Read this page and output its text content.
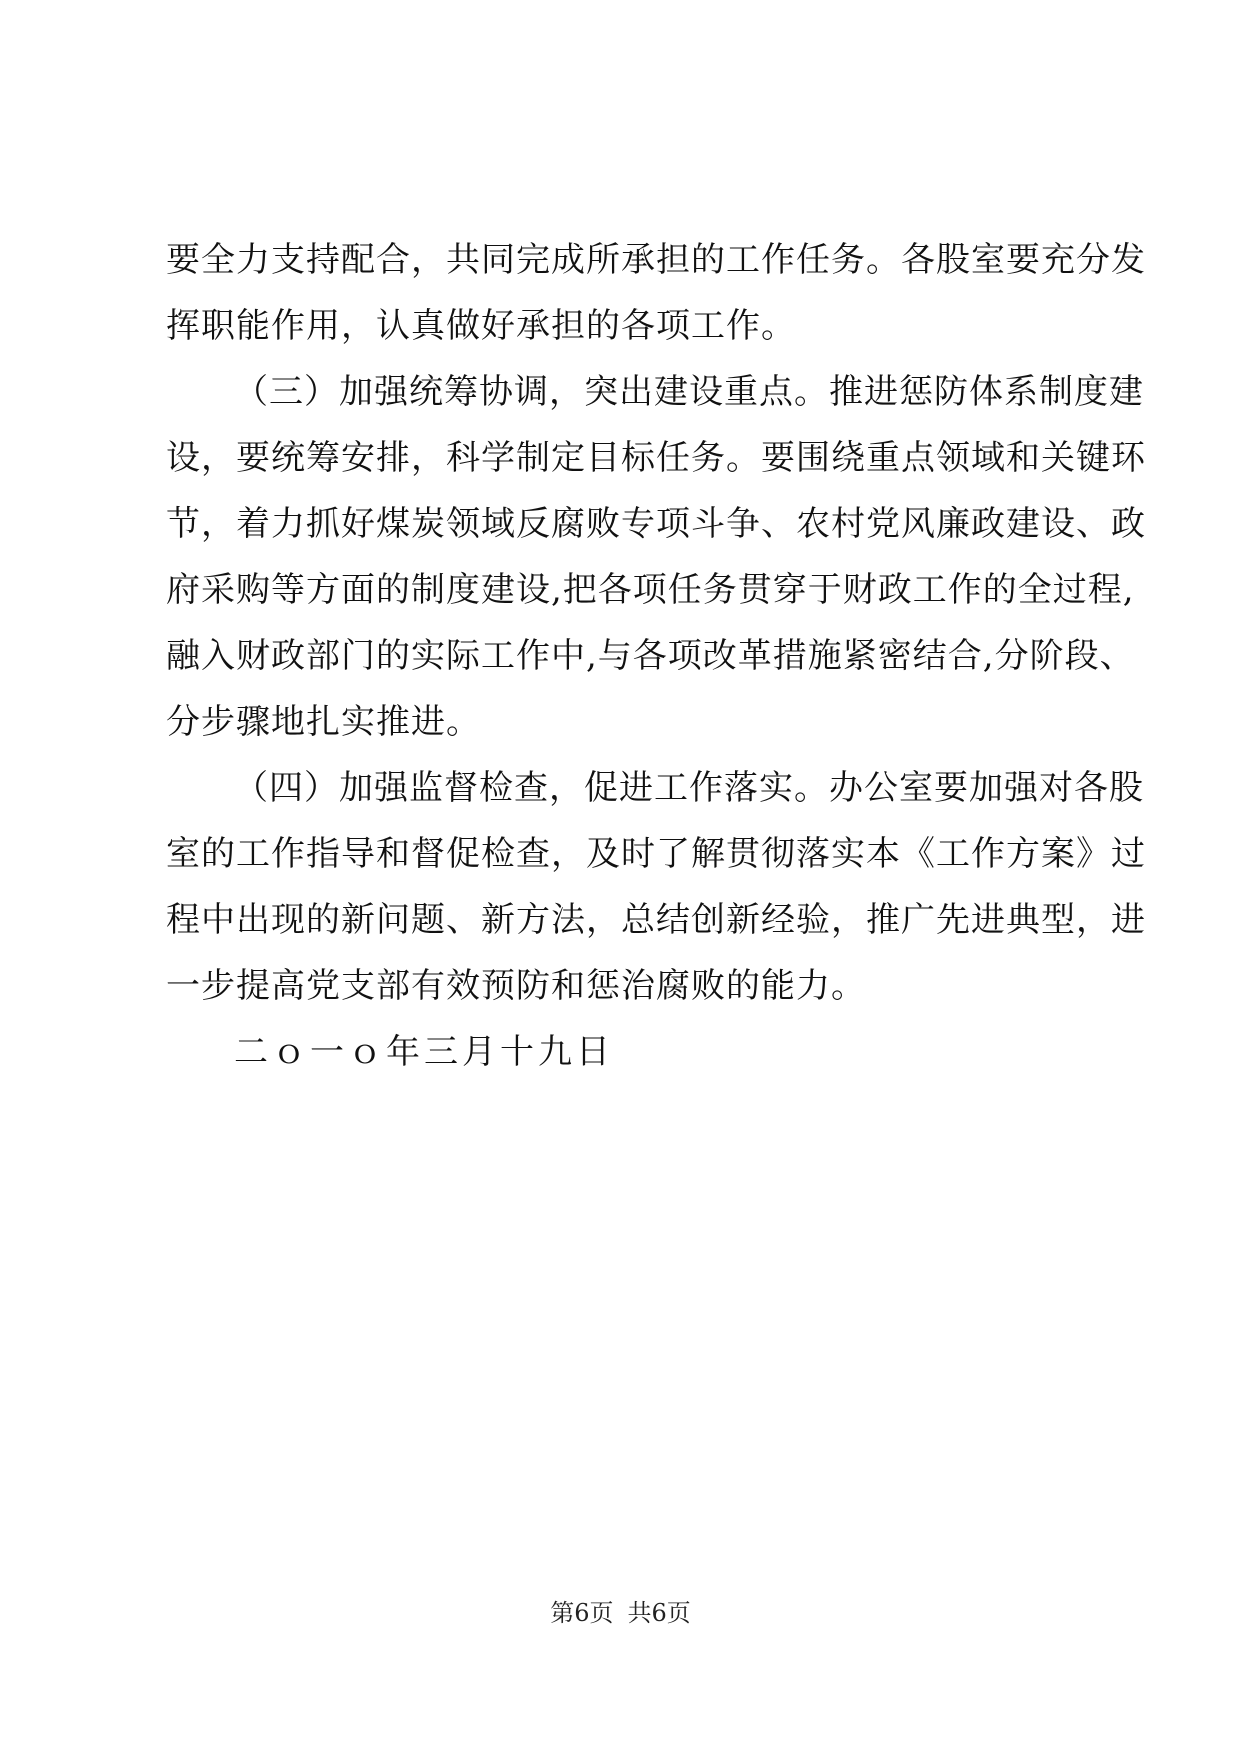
要全力支持配合，共同完成所承担的工作任务。各股室要充分发
挥职能作用，认真做好承担的各项工作。
（三）加强统筹协调，突出建设重点。推进惩防体系制度建
设，要统筹安排，科学制定目标任务。要围绕重点领域和关键环
节，着力抓好煤炭领域反腐败专项斗争、农村党风廉政建设、政
府采购等方面的制度建设,把各项任务贯穿于财政工作的全过程,
融入财政部门的实际工作中,与各项改革措施紧密结合,分阶段、
分步骤地扎实推进。
（四）加强监督检查，促进工作落实。办公室要加强对各股
室的工作指导和督促检查，及时了解贯彻落实本《工作方案》过
程中出现的新问题、新方法，总结创新经验，推广先进典型，进
一步提高党支部有效预防和惩治腐败的能力。
二ｏ一ｏ年三月十九日
第6页 共6页
